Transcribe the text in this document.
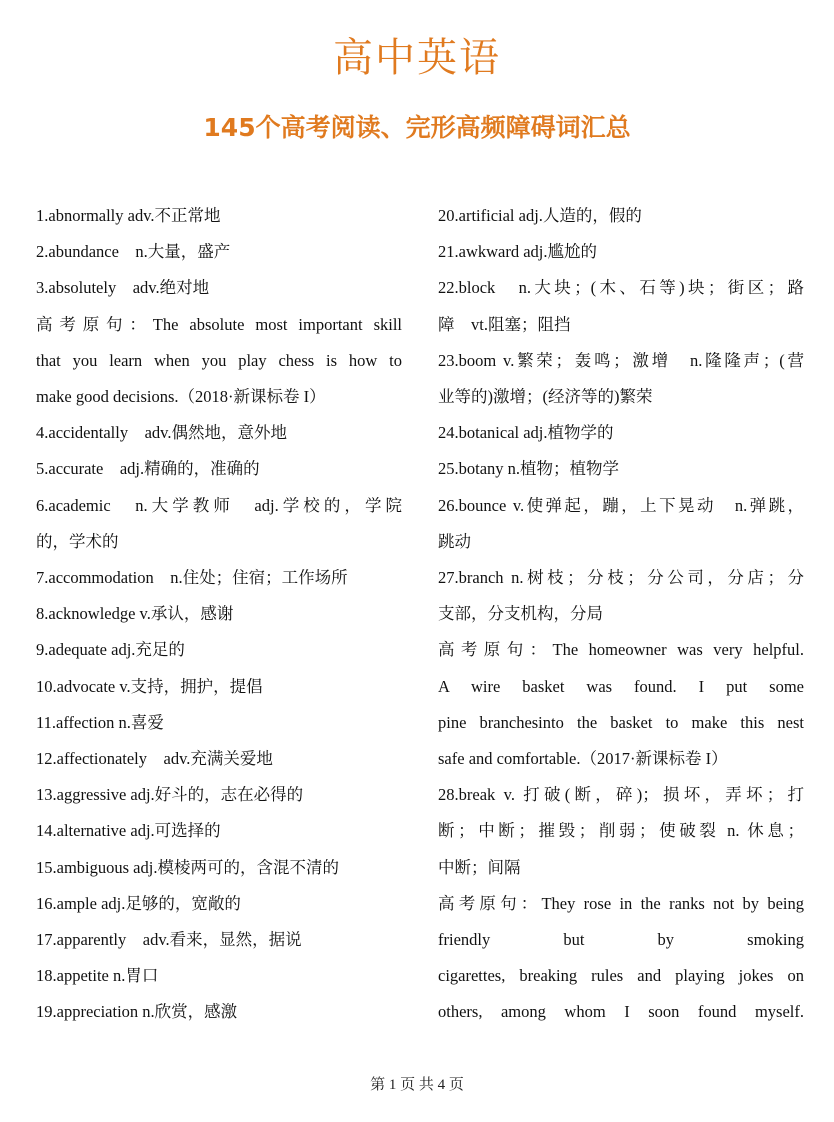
高中英语
145个高考阅读、完形高频障碍词汇总

1.abnormally adv.不正常地

2.abundance　n.大量，盛产

3.absolutely　adv.绝对地

高考原句：The absolute most important skill

that you learn when you play chess is how to

make good decisions.（2018·新课标卷 I）

4.accidentally　adv.偶然地，意外地

5.accurate　adj.精确的，准确的

6.academic　n.大学教师　adj.学校的，学院

的，学术的

7.accommodation　n.住处；住宿；工作场所

8.acknowledge v.承认，感谢

9.adequate adj.充足的

10.advocate v.支持，拥护，提倡

11.affection n.喜爱

12.affectionately　adv.充满关爱地

13.aggressive adj.好斗的，志在必得的

14.alternative adj.可选择的

15.ambiguous adj.模棱两可的，含混不清的

16.ample adj.足够的，宽敞的

17.apparently　adv.看来，显然，据说

18.appetite n.胃口

19.appreciation n.欣赏，感激

20.artificial adj.人造的，假的

21.awkward adj.尴尬的

22.block　n.大块；(木、石等)块；街区；路

障　vt.阻塞；阻挡

23.boom v.繁荣；轰鸣；激增　n.隆隆声；(营

业等的)激增；(经济等的)繁荣

24.botanical adj.植物学的

25.botany n.植物；植物学

26.bounce v.使弹起，蹦，上下晃动　n.弹跳，

跳动

27.branch n.树枝；分枝；分公司，分店；分

支部，分支机构，分局

高考原句：The homeowner was very helpful.

A wire basket was found. I put some

pine branchesinto the basket to make this nest

safe and comfortable.（2017·新课标卷 I）

28.break v. 打破(断，碎)；损坏，弄坏；打

断；中断；摧毁；削弱；使破裂 n. 休息；

中断；间隔

高考原句：They rose in the ranks not by being

friendly but by smoking

cigarettes, breaking rules and playing jokes on

others, among whom I soon found myself.

第 1 页 共 4 页
